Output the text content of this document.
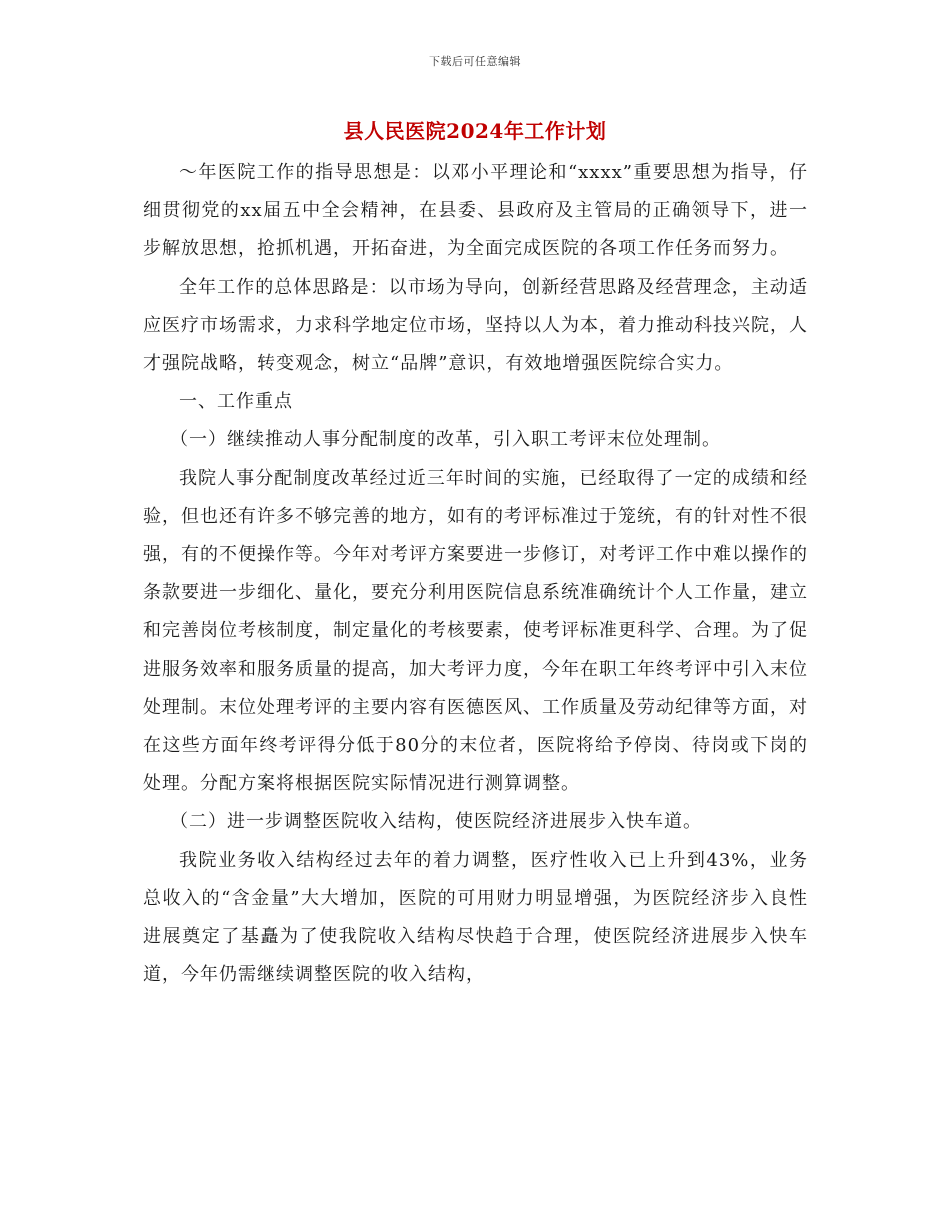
下载后可任意编辑
县人民医院2024年工作计划

～年医院工作的指导思想是：以邓小平理论和“xxxx”重要思想为指导，仔细贯彻党的xx届五中全会精神，在县委、县政府及主管局的正确领导下，进一步解放思想，抢抓机遇，开拓奋进，为全面完成医院的各项工作任务而努力。

全年工作的总体思路是：以市场为导向，创新经营思路及经营理念，主动适应医疗市场需求，力求科学地定位市场，坚持以人为本，着力推动科技兴院，人才强院战略，转变观念，树立“品牌”意识，有效地增强医院综合实力。

一、工作重点

（一）继续推动人事分配制度的改革，引入职工考评末位处理制。

我院人事分配制度改革经过近三年时间的实施，已经取得了一定的成绩和经验，但也还有许多不够完善的地方，如有的考评标准过于笼统，有的针对性不很强，有的不便操作等。今年对考评方案要进一步修订，对考评工作中难以操作的条款要进一步细化、量化，要充分利用医院信息系统准确统计个人工作量，建立和完善岗位考核制度，制定量化的考核要素，使考评标准更科学、合理。为了促进服务效率和服务质量的提高，加大考评力度，今年在职工年终考评中引入末位处理制。末位处理考评的主要内容有医德医风、工作质量及劳动纪律等方面，对在这些方面年终考评得分低于80分的末位者，医院将给予停岗、待岗或下岗的处理。分配方案将根据医院实际情况进行测算调整。

（二）进一步调整医院收入结构，使医院经济进展步入快车道。

我院业务收入结构经过去年的着力调整，医疗性收入已上升到43%，业务总收入的“含金量”大大增加，医院的可用财力明显增强，为医院经济步入良性进展奠定了基矗为了使我院收入结构尽快趋于合理，使医院经济进展步入快车道，今年仍需继续调整医院的收入结构，
